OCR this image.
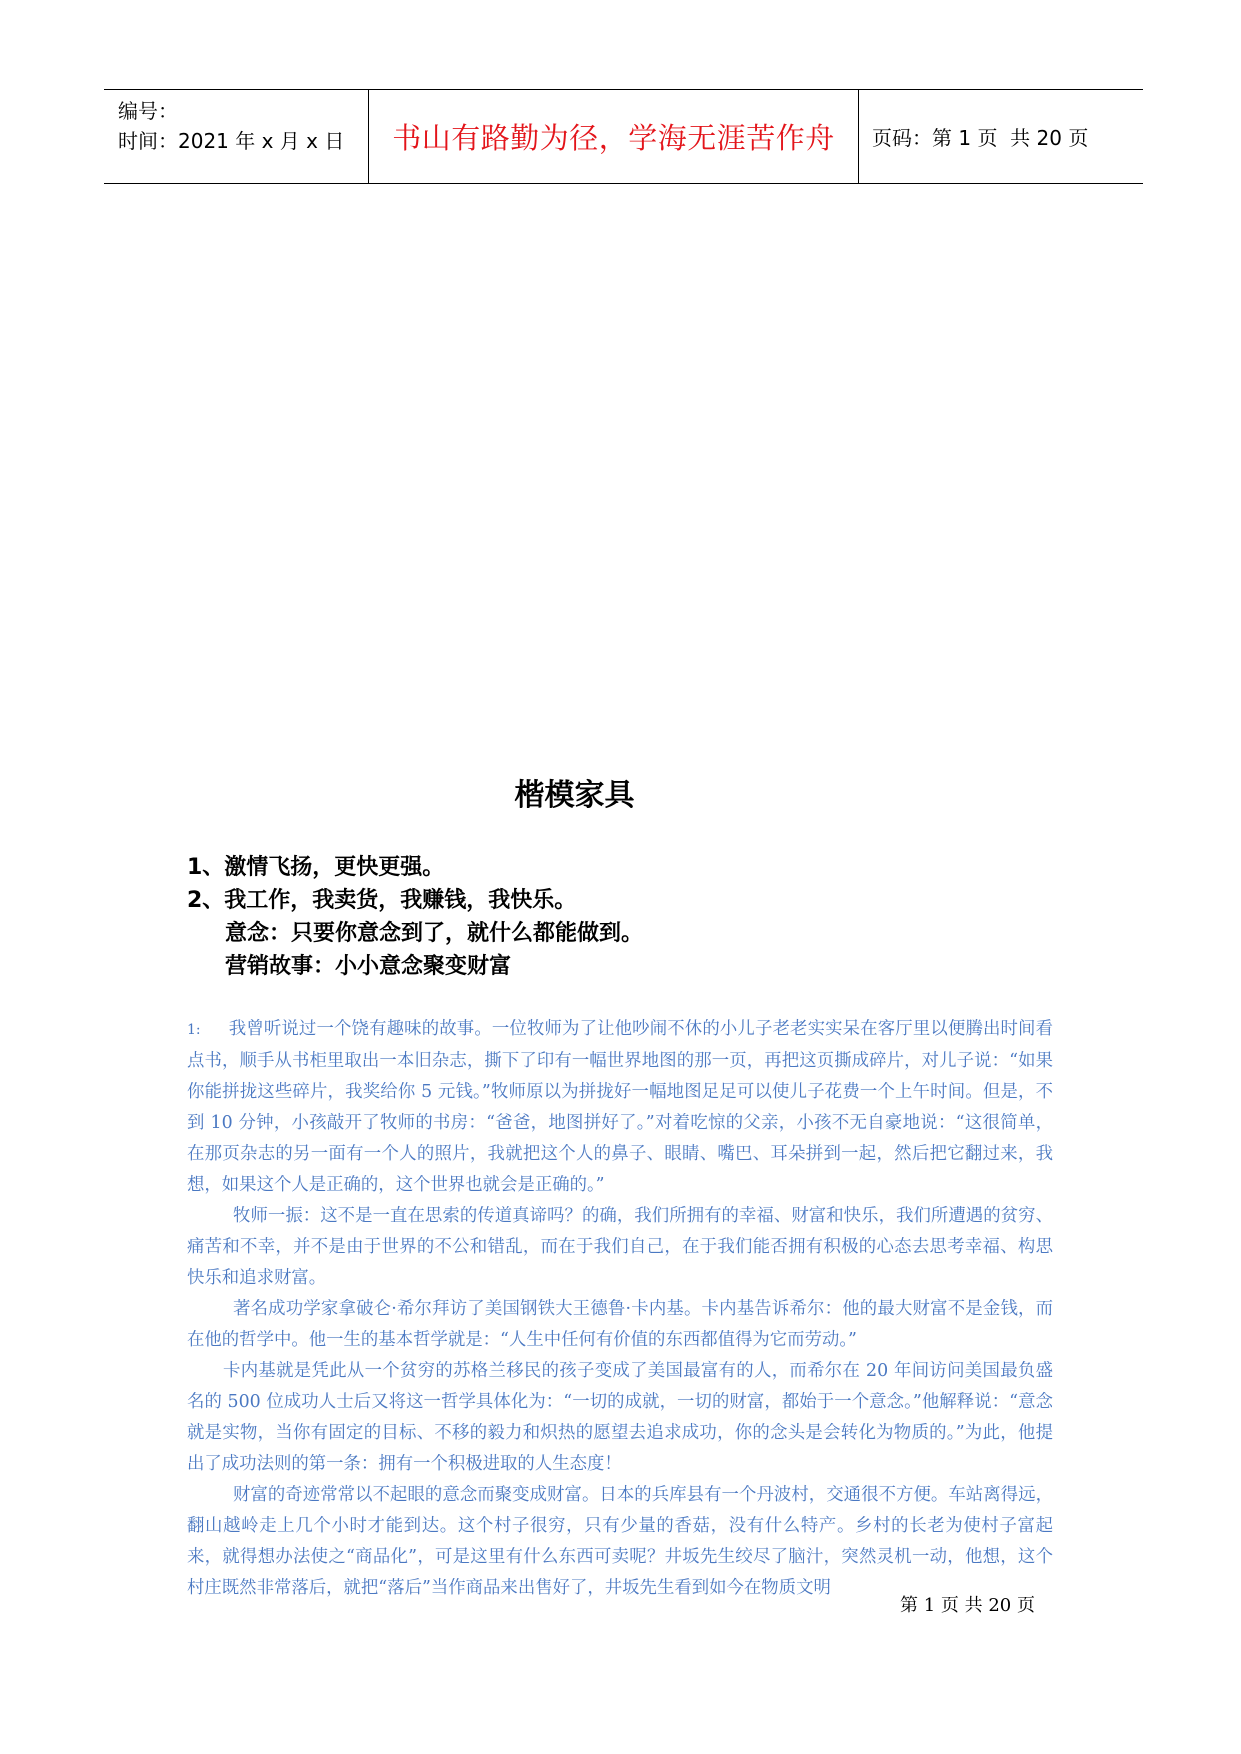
编号：
时间：2021 年 x 月 x 日	书山有路勤为径，学海无涯苦作舟	页码：第 1 页  共 20 页
楷模家具
1、激情飞扬，更快更强。
2、我工作，我卖货，我赚钱，我快乐。
意念：只要你意念到了，就什么都能做到。
营销故事：小小意念聚变财富

1: 我曾听说过一个饶有趣味的故事。一位牧师为了让他吵闹不休的小儿子老老实实呆在客厅里以便腾出时间看点书，顺手从书柜里取出一本旧杂志，撕下了印有一幅世界地图的那一页，再把这页撕成碎片，对儿子说：“如果你能拼拢这些碎片，我奖给你 5 元钱。”牧师原以为拼拢好一幅地图足足可以使儿子花费一个上午时间。但是，不到 10 分钟，小孩敲开了牧师的书房：“爸爸，地图拼好了。”对着吃惊的父亲，小孩不无自豪地说：“这很简单，在那页杂志的另一面有一个人的照片，我就把这个人的鼻子、眼睛、嘴巴、耳朵拼到一起，然后把它翻过来，我想，如果这个人是正确的，这个世界也就会是正确的。”

牧师一振：这不是一直在思索的传道真谛吗？的确，我们所拥有的幸福、财富和快乐，我们所遭遇的贫穷、痛苦和不幸，并不是由于世界的不公和错乱，而在于我们自己，在于我们能否拥有积极的心态去思考幸福、构思快乐和追求财富。

著名成功学家拿破仑·希尔拜访了美国钢铁大王德鲁·卡内基。卡内基告诉希尔：他的最大财富不是金钱，而在他的哲学中。他一生的基本哲学就是：“人生中任何有价值的东西都值得为它而劳动。”

卡内基就是凭此从一个贫穷的苏格兰移民的孩子变成了美国最富有的人，而希尔在 20 年间访问美国最负盛名的 500 位成功人士后又将这一哲学具体化为：“一切的成就，一切的财富，都始于一个意念。”他解释说：“意念就是实物，当你有固定的目标、不移的毅力和炽热的愿望去追求成功，你的念头是会转化为物质的。”为此，他提出了成功法则的第一条：拥有一个积极进取的人生态度！

财富的奇迹常常以不起眼的意念而聚变成财富。日本的兵库县有一个丹波村，交通很不方便。车站离得远，翻山越岭走上几个小时才能到达。这个村子很穷，只有少量的香菇，没有什么特产。乡村的长老为使村子富起来，就得想办法使之“商品化”，可是这里有什么东西可卖呢？井坂先生绞尽了脑汁，突然灵机一动，他想，这个村庄既然非常落后，就把“落后”当作商品来出售好了，井坂先生看到如今在物质文明

第 1 页 共 20 页
